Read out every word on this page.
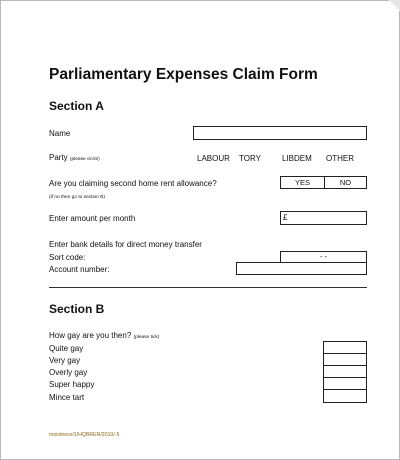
Parliamentary Expenses Claim Form
Section A
Name
Party (please circle)	LABOUR TORY	LIBDEM OTHER
Are you claiming second home rent allowance?
(if no then go to section B)
YES	NO
Enter amount per month	£
Enter bank details for direct money transfer
Sort code:	- -
Account number:
Section B
How gay are you then? (please tick)
Quite gay
Very gay
Overly gay
Super happy
Mince tart
moistness/1/HQBRER/2010/-5
